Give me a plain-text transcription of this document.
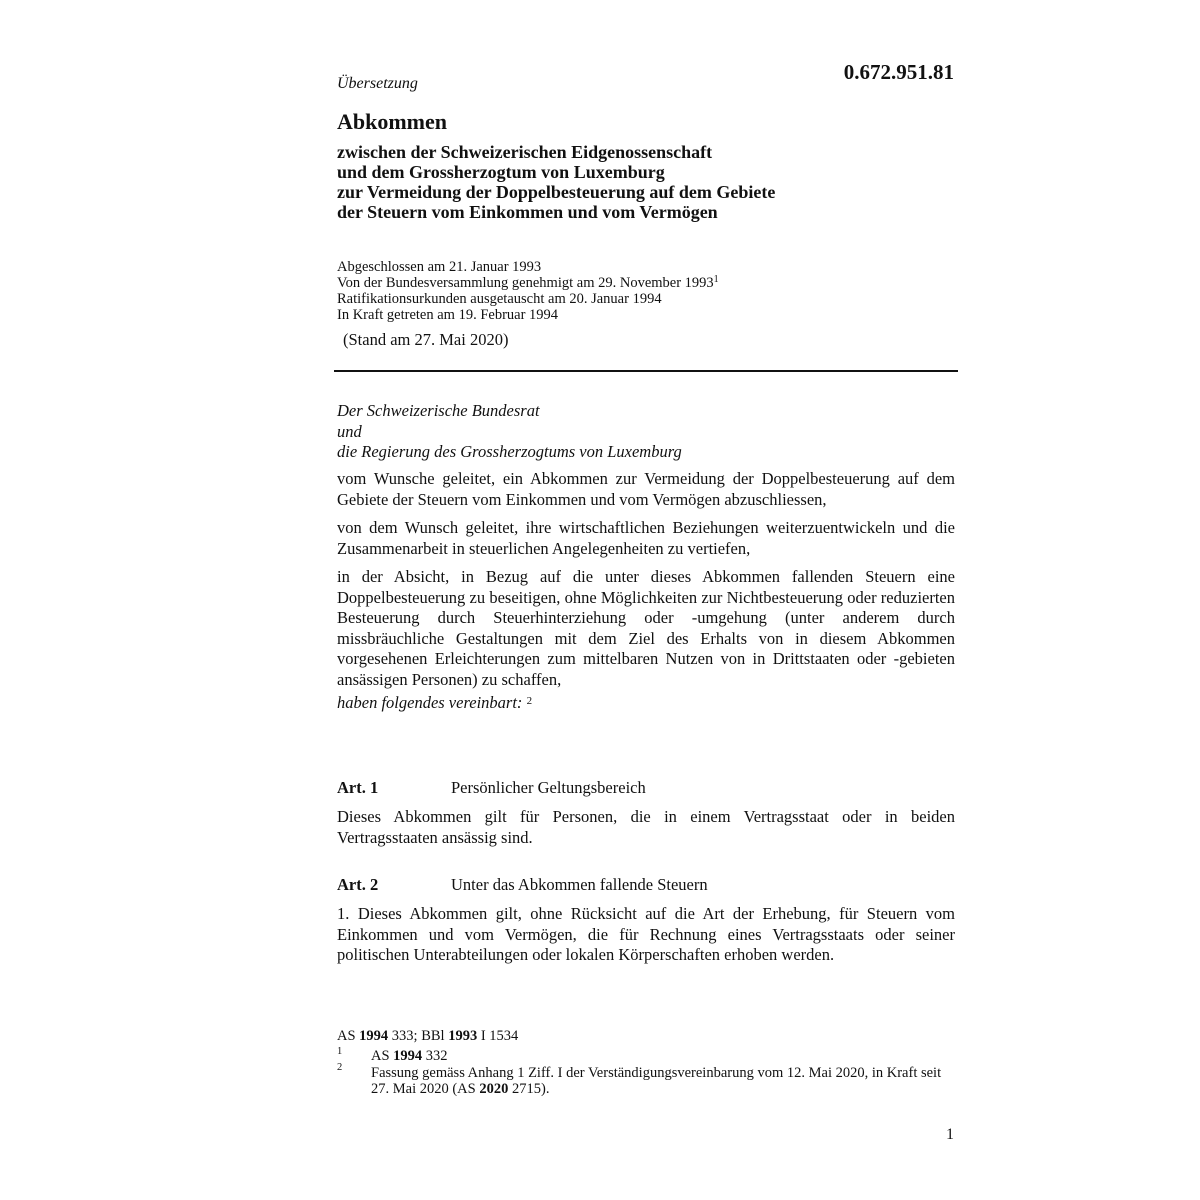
0.672.951.81
Übersetzung
Abkommen
zwischen der Schweizerischen Eidgenossenschaft
und dem Grossherzogtum von Luxemburg
zur Vermeidung der Doppelbesteuerung auf dem Gebiete
der Steuern vom Einkommen und vom Vermögen
Abgeschlossen am 21. Januar 1993
Von der Bundesversammlung genehmigt am 29. November 1993$^1$
Ratifikationsurkunden ausgetauscht am 20. Januar 1994
In Kraft getreten am 19. Februar 1994
(Stand am 27. Mai 2020)
Der Schweizerische Bundesrat
und
die Regierung des Grossherzogtums von Luxemburg
vom Wunsche geleitet, ein Abkommen zur Vermeidung der Doppelbesteuerung auf dem Gebiete der Steuern vom Einkommen und vom Vermögen abzuschliessen,
von dem Wunsch geleitet, ihre wirtschaftlichen Beziehungen weiterzuentwickeln und die Zusammenarbeit in steuerlichen Angelegenheiten zu vertiefen,
in der Absicht, in Bezug auf die unter dieses Abkommen fallenden Steuern eine Doppelbesteuerung zu beseitigen, ohne Möglichkeiten zur Nichtbesteuerung oder reduzierten Besteuerung durch Steuerhinterziehung oder -umgehung (unter anderem durch missbräuchliche Gestaltungen mit dem Ziel des Erhalts von in diesem Abkommen vorgesehenen Erleichterungen zum mittelbaren Nutzen von in Drittstaaten oder -gebieten ansässigen Personen) zu schaffen,
haben folgendes vereinbart: $^2$
Art. 1	Persönlicher Geltungsbereich
Dieses Abkommen gilt für Personen, die in einem Vertragsstaat oder in beiden Vertragsstaaten ansässig sind.
Art. 2	Unter das Abkommen fallende Steuern
1. Dieses Abkommen gilt, ohne Rücksicht auf die Art der Erhebung, für Steuern vom Einkommen und vom Vermögen, die für Rechnung eines Vertragsstaats oder seiner politischen Unterabteilungen oder lokalen Körperschaften erhoben werden.
AS 1994 333; BBl 1993 I 1534
1 AS 1994 332
2 Fassung gemäss Anhang 1 Ziff. I der Verständigungsvereinbarung vom 12. Mai 2020, in Kraft seit 27. Mai 2020 (AS 2020 2715).
1
